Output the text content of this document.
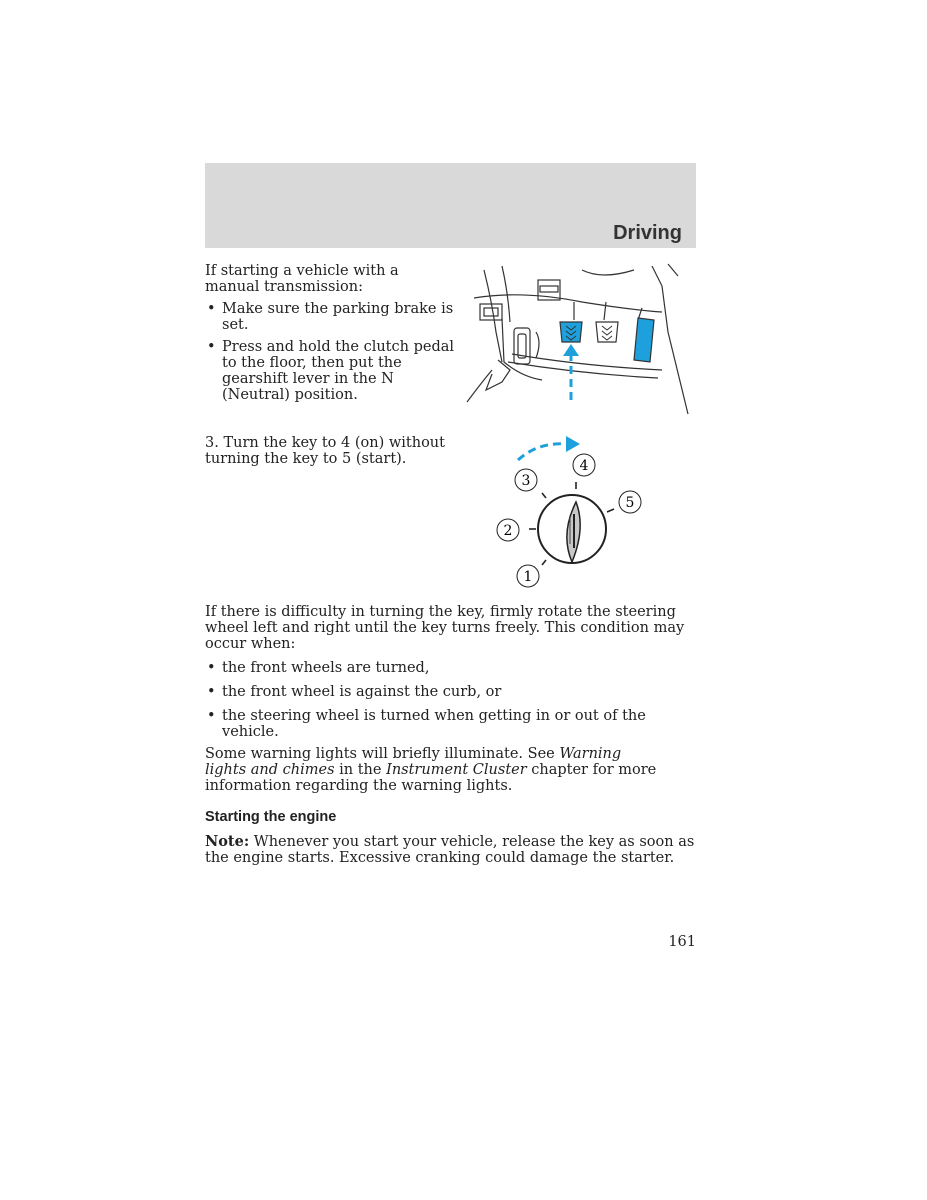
Driving
If starting a vehicle with a manual transmission:
• Make sure the parking brake is set.
• Press and hold the clutch pedal to the floor, then put the gearshift lever in the N (Neutral) position.
3. Turn the key to 4 (on) without turning the key to 5 (start).
1
2
3
4
5
If there is difficulty in turning the key, firmly rotate the steering wheel left and right until the key turns freely. This condition may occur when:
• the front wheels are turned,
• the front wheel is against the curb, or
• the steering wheel is turned when getting in or out of the vehicle.
Some warning lights will briefly illuminate. See Warning lights and chimes in the Instrument Cluster chapter for more information regarding the warning lights.
Starting the engine
Note: Whenever you start your vehicle, release the key as soon as the engine starts. Excessive cranking could damage the starter.
161
